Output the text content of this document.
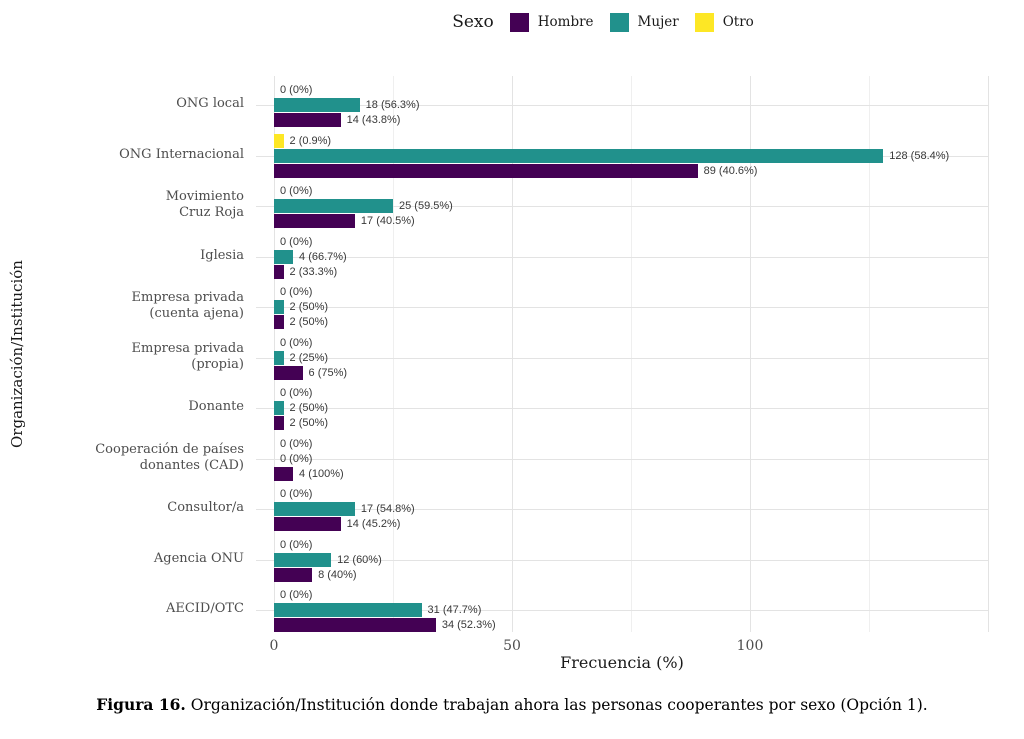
Sexo	Hombre	Mujer	Otro
Organización/Institución
0 (0%)
18 (56.3%)
14 (43.8%)
2 (0.9%)
128 (58.4%)
89 (40.6%)
0 (0%)
25 (59.5%)
17 (40.5%)
0 (0%)
4 (66.7%)
2 (33.3%)
0 (0%)
2 (50%)
2 (50%)
0 (0%)
2 (25%)
6 (75%)
0 (0%)
2 (50%)
2 (50%)
0 (0%)
0 (0%)
4 (100%)
0 (0%)
17 (54.8%)
14 (45.2%)
0 (0%)
12 (60%)
8 (40%)
0 (0%)
31 (47.7%)
34 (52.3%)
Frecuencia (%)
Figura 16. Organización/Institución donde trabajan ahora las personas cooperantes por sexo (Opción 1).
ONG local
ONG Internacional
Movimiento
Cruz Roja
Iglesia
Empresa privada
(cuenta ajena)
Empresa privada
(propia)
Donante
Cooperación de países
donantes (CAD)
Consultor/a
Agencia ONU
AECID/OTC
0	50	100
